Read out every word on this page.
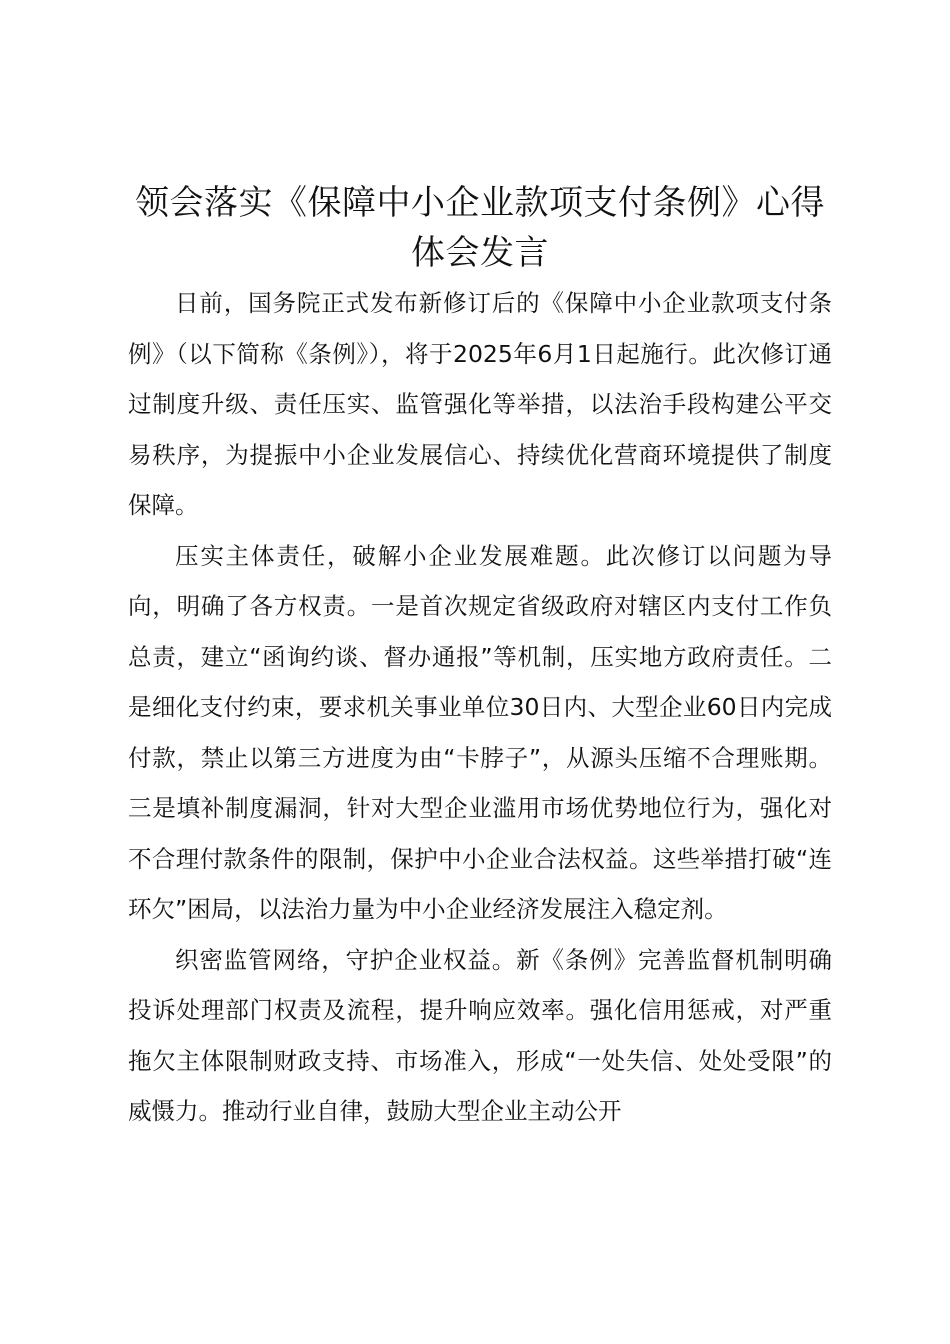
领会落实《保障中小企业款项支付条例》心得
体会发言

日前，国务院正式发布新修订后的《保障中小企业款项支付条例》（以下简称《条例》），将于2025年6月1日起施行。此次修订通过制度升级、责任压实、监管强化等举措，以法治手段构建公平交易秩序，为提振中小企业发展信心、持续优化营商环境提供了制度保障。

压实主体责任，破解小企业发展难题。此次修订以问题为导向，明确了各方权责。一是首次规定省级政府对辖区内支付工作负总责，建立“函询约谈、督办通报”等机制，压实地方政府责任。二是细化支付约束，要求机关事业单位30日内、大型企业60日内完成付款，禁止以第三方进度为由“卡脖子”，从源头压缩不合理账期。三是填补制度漏洞，针对大型企业滥用市场优势地位行为，强化对不合理付款条件的限制，保护中小企业合法权益。这些举措打破“连环欠”困局，以法治力量为中小企业经济发展注入稳定剂。

织密监管网络，守护企业权益。新《条例》完善监督机制明确投诉处理部门权责及流程，提升响应效率。强化信用惩戒，对严重拖欠主体限制财政支持、市场准入，形成“一处失信、处处受限”的威慑力。推动行业自律，鼓励大型企业主动公开
